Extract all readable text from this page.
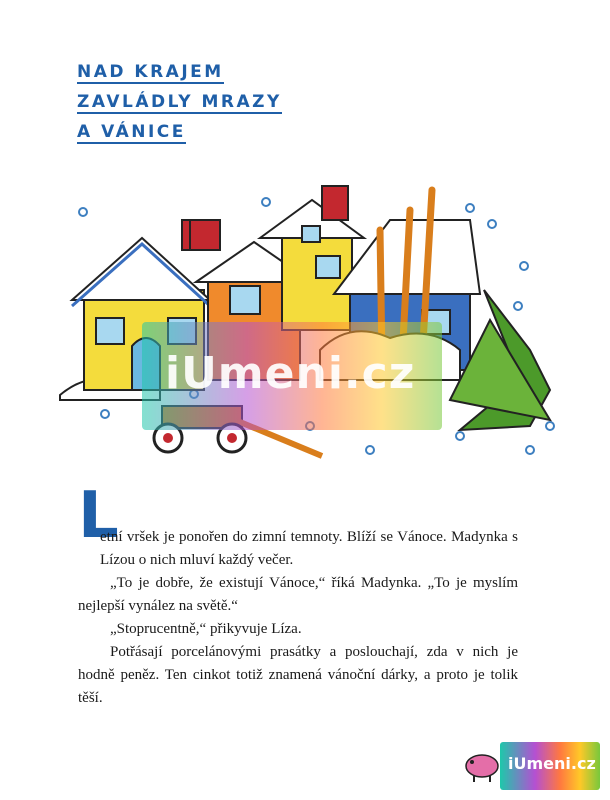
NAD KRAJEM
ZAVLÁDLY MRAZY
A VÁNICE
iUmeni.cz
L

etní vršek je ponořen do zimní temnoty. Blíží se Vánoce. Madynka s Lízou o nich mluví každý večer.

„To je dobře, že existují Vánoce,“ říká Madynka. „To je myslím nejlepší vynález na světě.“

„Stoprucentně,“ přikyvuje Líza.

Potřásají porcelánovými prasátky a poslouchají, zda v nich je hodně peněz. Ten cinkot totiž znamená vánoční dárky, a proto je tolik těší.

iUmeni.cz
